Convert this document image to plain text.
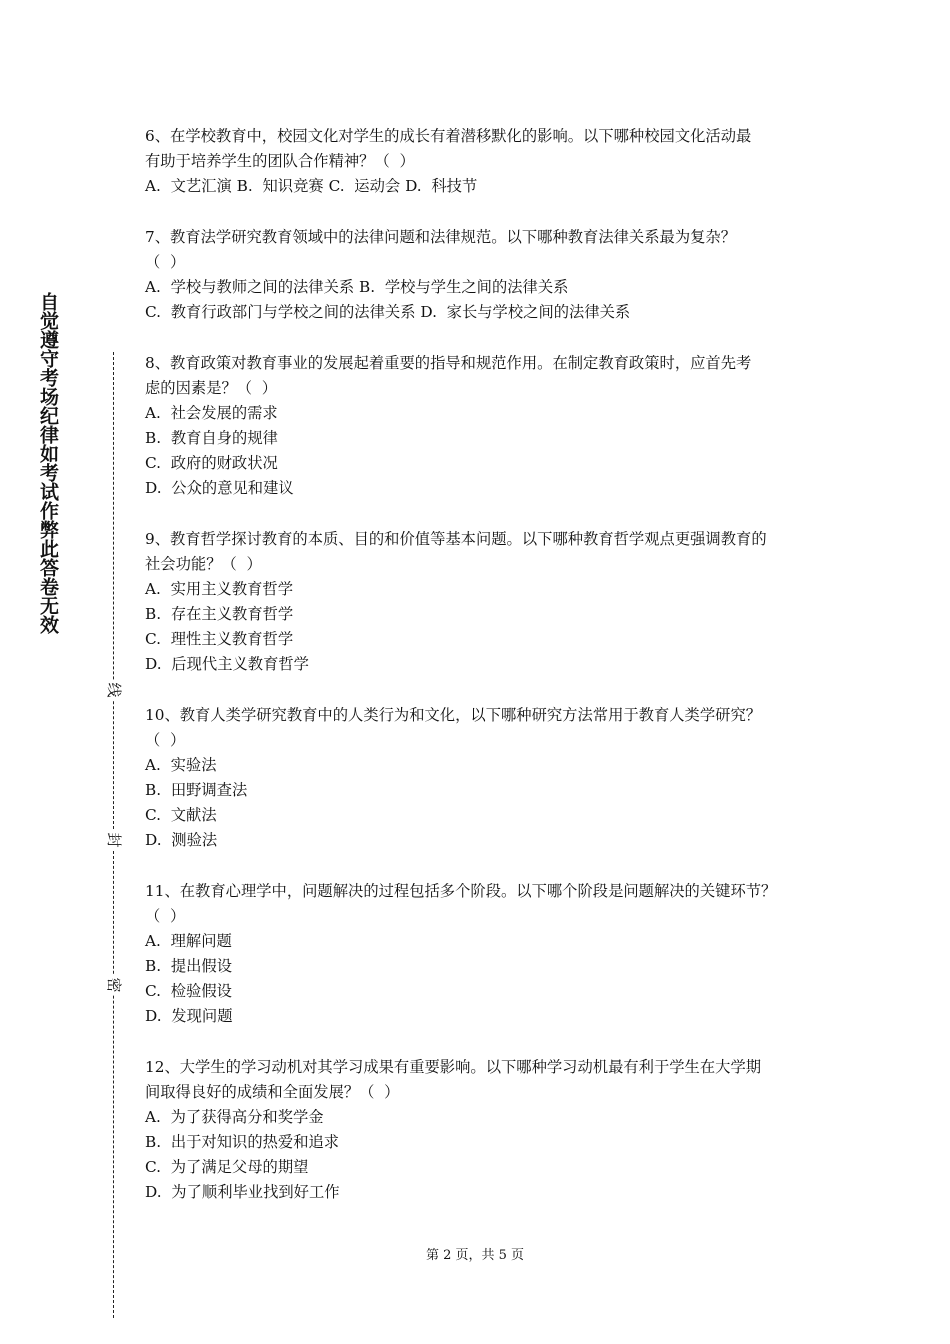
自觉遵守考场纪律如考试作弊此答卷无效
线
封
密
6、在学校教育中，校园文化对学生的成长有着潜移默化的影响。以下哪种校园文化活动最
有助于培养学生的团队合作精神？（  ）
A.  文艺汇演 B.  知识竞赛 C.  运动会 D.  科技节
7、教育法学研究教育领域中的法律问题和法律规范。以下哪种教育法律关系最为复杂？
（  ）
A.  学校与教师之间的法律关系 B.  学校与学生之间的法律关系
C.  教育行政部门与学校之间的法律关系 D.  家长与学校之间的法律关系
8、教育政策对教育事业的发展起着重要的指导和规范作用。在制定教育政策时，应首先考
虑的因素是？（  ）
A.  社会发展的需求
B.  教育自身的规律
C.  政府的财政状况
D.  公众的意见和建议
9、教育哲学探讨教育的本质、目的和价值等基本问题。以下哪种教育哲学观点更强调教育的
社会功能？（  ）
A.  实用主义教育哲学
B.  存在主义教育哲学
C.  理性主义教育哲学
D.  后现代主义教育哲学
10、教育人类学研究教育中的人类行为和文化，以下哪种研究方法常用于教育人类学研究？
（  ）
A.  实验法
B.  田野调查法
C.  文献法
D.  测验法
11、在教育心理学中，问题解决的过程包括多个阶段。以下哪个阶段是问题解决的关键环节？
（  ）
A.  理解问题
B.  提出假设
C.  检验假设
D.  发现问题
12、大学生的学习动机对其学习成果有重要影响。以下哪种学习动机最有利于学生在大学期
间取得良好的成绩和全面发展？（  ）
A.  为了获得高分和奖学金
B.  出于对知识的热爱和追求
C.  为了满足父母的期望
D.  为了顺利毕业找到好工作
第 2 页，共 5 页
